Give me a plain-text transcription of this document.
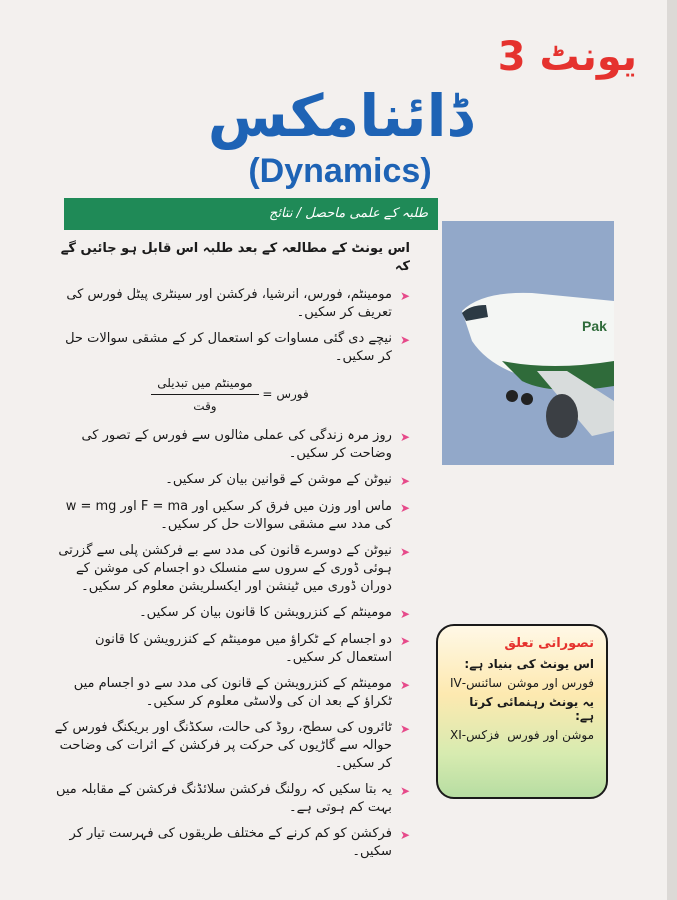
یونٹ 3
ڈائنامکس
(Dynamics)
طلبہ کے علمی ماحصل / نتائج
Pak
اس یونٹ کے مطالعہ کے بعد طلبہ اس قابل ہو جائیں گے کہ
➤
مومینٹم، فورس، انرشیا، فرکشن اور سینٹری پیٹل فورس کی تعریف کر سکیں۔
➤
نیچے دی گئی مساوات کو استعمال کر کے مشقی سوالات حل کر سکیں۔
فورس = $\frac{\text{مومینٹم میں تبدیلی}}{\text{وقت}}$
➤
روز مرہ زندگی کی عملی مثالوں سے فورس کے تصور کی وضاحت کر سکیں۔
➤
نیوٹن کے موشن کے قوانین بیان کر سکیں۔
➤
ماس اور وزن میں فرق کر سکیں اور F = ma اور w = mg کی مدد سے مشقی سوالات حل کر سکیں۔
➤
نیوٹن کے دوسرے قانون کی مدد سے بے فرکشن پلی سے گزرتی ہوئی ڈوری کے سروں سے منسلک دو اجسام کی موشن کے دوران ڈوری میں ٹینشن اور ایکسلریشن معلوم کر سکیں۔
➤
مومینٹم کے کنزرویشن کا قانون بیان کر سکیں۔
➤
دو اجسام کے ٹکراؤ میں مومینٹم کے کنزرویشن کا قانون استعمال کر سکیں۔
➤
مومینٹم کے کنزرویشن کے قانون کی مدد سے دو اجسام میں ٹکراؤ کے بعد ان کی ولاسٹی معلوم کر سکیں۔
➤
ٹائروں کی سطح، روڈ کی حالت، سکڈنگ اور بریکنگ فورس کے حوالہ سے گاڑیوں کی حرکت پر فرکشن کے اثرات کی وضاحت کر سکیں۔
➤
یہ بتا سکیں کہ رولنگ فرکشن سلائڈنگ فرکشن کے مقابلہ میں بہت کم ہوتی ہے۔
➤
فرکشن کو کم کرنے کے مختلف طریقوں کی فہرست تیار کر سکیں۔
تصوراتی تعلق
اس یونٹ کی بنیاد ہے:
فورس اور موشن
سائنس-IV
یہ یونٹ رہنمائی کرتا ہے:
موشن اور فورس
فزکس-XI
